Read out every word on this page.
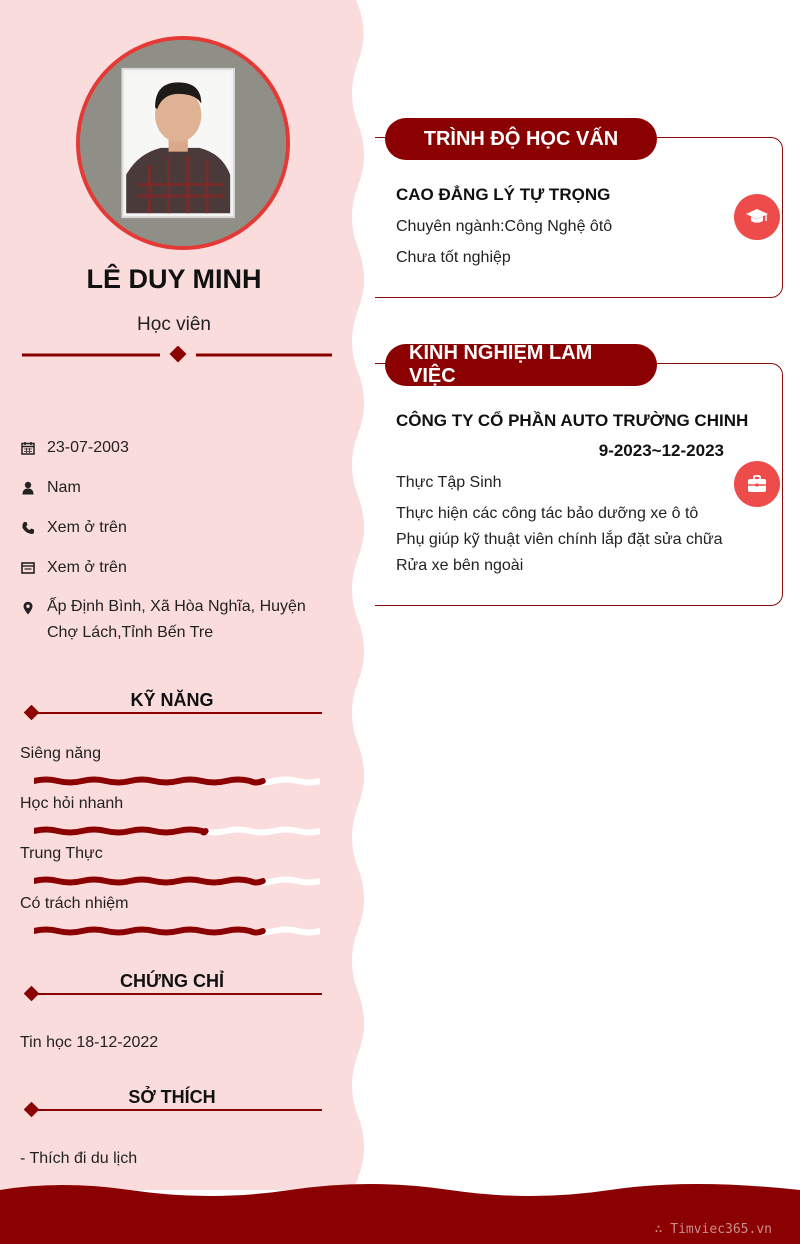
LÊ DUY MINH
Học viên
23-07-2003
Nam
Xem ở trên
Xem ở trên
Ấp Định Bình, Xã Hòa Nghĩa, Huyện
Chợ Lách,Tỉnh Bến Tre
KỸ NĂNG
Siêng năng
Học hỏi nhanh
Trung Thực
Có trách nhiệm
CHỨNG CHỈ
Tin học 18-12-2022
SỞ THÍCH
- Thích đi du lịch
TRÌNH ĐỘ HỌC VẤN
CAO ĐẲNG LÝ TỰ TRỌNG
Chuyên ngành:Công Nghệ ôtô
Chưa tốt nghiệp
KINH NGHIỆM LÀM VIỆC
CÔNG TY CỔ PHẦN AUTO TRƯỜNG CHINH
9-2023~12-2023
Thực Tập Sinh
Thực hiện các công tác bảo dưỡng xe ô tô
Phụ giúp kỹ thuật viên chính lắp đặt sửa chữa
Rửa xe bên ngoài
∴ Timviec365.vn
